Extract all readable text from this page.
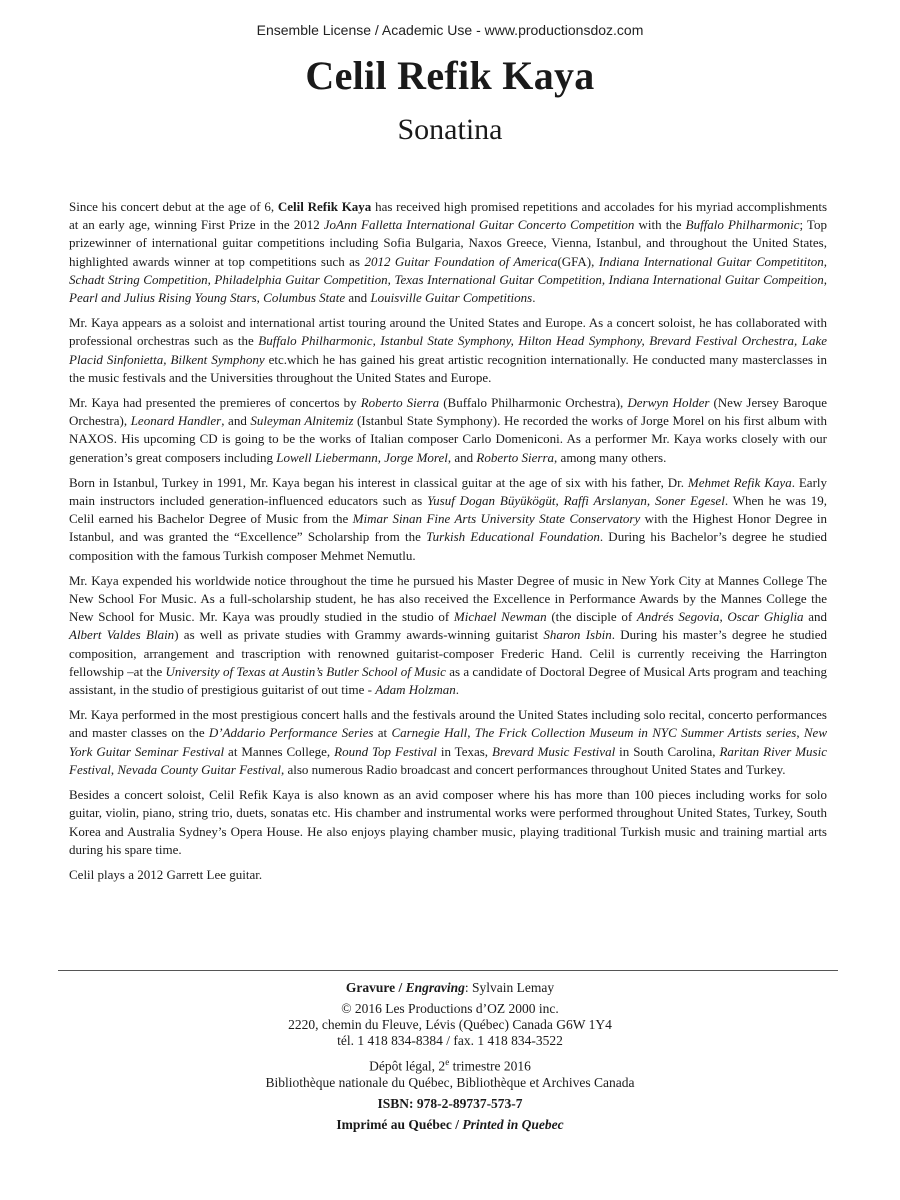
Ensemble License / Academic Use - www.productionsdoz.com
Celil Refik Kaya
Sonatina

Since his concert debut at the age of 6, Celil Refik Kaya has received high promised repetitions and accolades for his myriad accomplishments at an early age, winning First Prize in the 2012 JoAnn Falletta International Guitar Concerto Competition with the Buffalo Philharmonic; Top prizewinner of international guitar competitions including Sofia Bulgaria, Naxos Greece, Vienna, Istanbul, and throughout the United States, highlighted awards winner at top competitions such as 2012 Guitar Foundation of America(GFA), Indiana International Guitar Competititon, Schadt String Competition, Philadelphia Guitar Competition, Texas International Guitar Competition, Indiana International Guitar Compeition, Pearl and Julius Rising Young Stars, Columbus State and Louisville Guitar Competitions.

Mr. Kaya appears as a soloist and international artist touring around the United States and Europe. As a concert soloist, he has collaborated with professional orchestras such as the Buffalo Philharmonic, Istanbul State Symphony, Hilton Head Symphony, Brevard Festival Orchestra, Lake Placid Sinfonietta, Bilkent Symphony etc.which he has gained his great artistic recognition internationally. He conducted many masterclasses in the music festivals and the Universities throughout the United States and Europe.

Mr. Kaya had presented the premieres of concertos by Roberto Sierra (Buffalo Philharmonic Orchestra), Derwyn Holder (New Jersey Baroque Orchestra), Leonard Handler, and Suleyman Alnitemiz (Istanbul State Symphony). He recorded the works of Jorge Morel on his first album with NAXOS. His upcoming CD is going to be the works of Italian composer Carlo Domeniconi. As a performer Mr. Kaya works closely with our generation’s great composers including Lowell Liebermann, Jorge Morel, and Roberto Sierra, among many others.

Born in Istanbul, Turkey in 1991, Mr. Kaya began his interest in classical guitar at the age of six with his father, Dr. Mehmet Refik Kaya. Early main instructors included generation-influenced educators such as Yusuf Dogan Büyükögüt, Raffi Arslanyan, Soner Egesel. When he was 19, Celil earned his Bachelor Degree of Music from the Mimar Sinan Fine Arts University State Conservatory with the Highest Honor Degree in Istanbul, and was granted the “Excellence” Scholarship from the Turkish Educational Foundation. During his Bachelor’s degree he studied composition with the famous Turkish composer Mehmet Nemutlu.

Mr. Kaya expended his worldwide notice throughout the time he pursued his Master Degree of music in New York City at Mannes College The New School For Music. As a full-scholarship student, he has also received the Excellence in Performance Awards by the Mannes College the New School for Music. Mr. Kaya was proudly studied in the studio of Michael Newman (the disciple of Andrés Segovia, Oscar Ghiglia and Albert Valdes Blain) as well as private studies with Grammy awards-winning guitarist Sharon Isbin. During his master’s degree he studied composition, arrangement and trascription with renowned guitarist-composer Frederic Hand. Celil is currently receiving the Harrington fellowship –at the University of Texas at Austin’s Butler School of Music as a candidate of Doctoral Degree of Musical Arts program and teaching assistant, in the studio of prestigious guitarist of out time - Adam Holzman.

Mr. Kaya performed in the most prestigious concert halls and the festivals around the United States including solo recital, concerto performances and master classes on the D’Addario Performance Series at Carnegie Hall, The Frick Collection Museum in NYC Summer Artists series, New York Guitar Seminar Festival at Mannes College, Round Top Festival in Texas, Brevard Music Festival in South Carolina, Raritan River Music Festival, Nevada County Guitar Festival, also numerous Radio broadcast and concert performances throughout United States and Turkey.

Besides a concert soloist, Celil Refik Kaya is also known as an avid composer where his has more than 100 pieces including works for solo guitar, violin, piano, string trio, duets, sonatas etc. His chamber and instrumental works were performed throughout United States, Turkey, South Korea and Australia Sydney’s Opera House. He also enjoys playing chamber music, playing traditional Turkish music and training martial arts during his spare time.

Celil plays a 2012 Garrett Lee guitar.

Gravure / Engraving: Sylvain Lemay
© 2016 Les Productions d’OZ 2000 inc.
2220, chemin du Fleuve, Lévis (Québec) Canada G6W 1Y4
tél. 1 418 834-8384 / fax. 1 418 834-3522
Dépôt légal, 2e trimestre 2016
Bibliothèque nationale du Québec, Bibliothèque et Archives Canada
ISBN: 978-2-89737-573-7
Imprimé au Québec / Printed in Quebec
